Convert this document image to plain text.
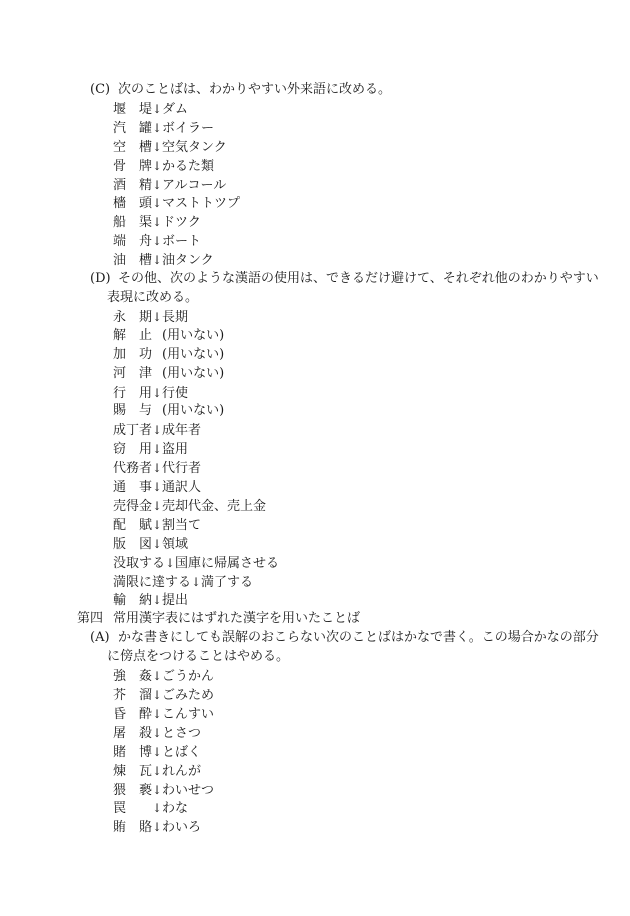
(C) 次のことばは、わかりやすい外来語に改める。
堰　堤↓ダム
汽　罐↓ボイラー
空　槽↓空気タンク
骨　牌↓かるた類
酒　精↓アルコール
檣　頭↓マストトツプ
船　渠↓ドツク
端　舟↓ボート
油　槽↓油タンク
(D) その他、次のような漢語の使用は、できるだけ避けて、それぞれ他のわかりやすい
表現に改める。
永　期↓長期
解　止 (用いない)
加　功 (用いない)
河　津 (用いない)
行　用↓行使
賜　与 (用いない)
成丁者↓成年者
窃　用↓盗用
代務者↓代行者
通　事↓通訳人
売得金↓売却代金、売上金
配　賦↓割当て
版　図↓領域
没取する↓国庫に帰属させる
満限に達する↓満了する
輸　納↓提出
第四 常用漢字表にはずれた漢字を用いたことば
(A) かな書きにしても誤解のおこらない次のことばはかなで書く。この場合かなの部分
に傍点をつけることはやめる。
強　姦↓ごうかん
芥　溜↓ごみため
昏　酔↓こんすい
屠　殺↓とさつ
賭　博↓とばく
煉　瓦↓れんが
猥　褻↓わいせつ
罠　　↓わな
賄　賂↓わいろ
